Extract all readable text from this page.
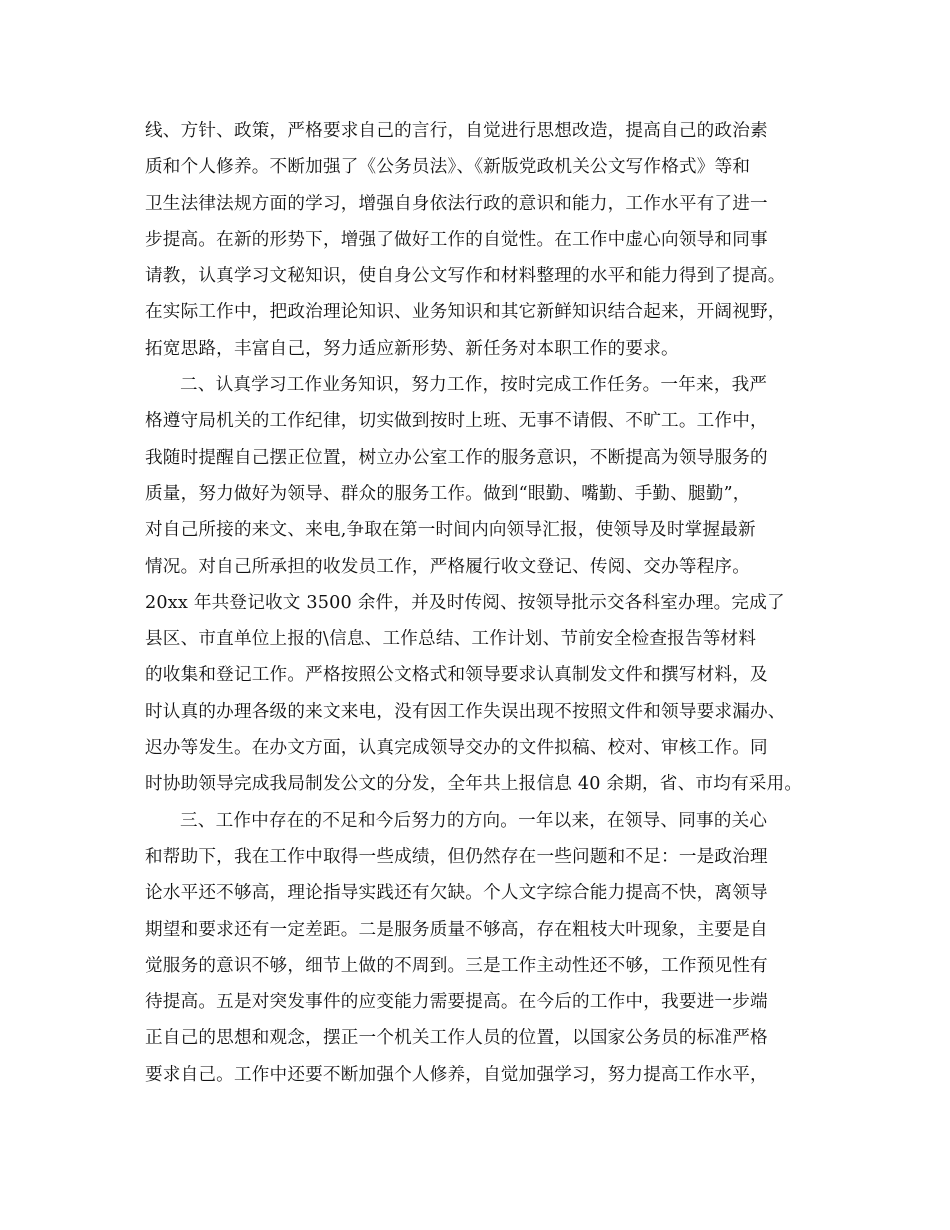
线、方针、政策，严格要求自己的言行，自觉进行思想改造，提高自己的政治素
质和个人修养。不断加强了《公务员法》、《新版党政机关公文写作格式》等和
卫生法律法规方面的学习，增强自身依法行政的意识和能力，工作水平有了进一
步提高。在新的形势下，增强了做好工作的自觉性。在工作中虚心向领导和同事
请教，认真学习文秘知识，使自身公文写作和材料整理的水平和能力得到了提高。
在实际工作中，把政治理论知识、业务知识和其它新鲜知识结合起来，开阔视野，
拓宽思路，丰富自己，努力适应新形势、新任务对本职工作的要求。
二、认真学习工作业务知识，努力工作，按时完成工作任务。一年来，我严
格遵守局机关的工作纪律，切实做到按时上班、无事不请假、不旷工。工作中，
我随时提醒自己摆正位置，树立办公室工作的服务意识，不断提高为领导服务的
质量，努力做好为领导、群众的服务工作。做到“眼勤、嘴勤、手勤、腿勤”，
对自己所接的来文、来电,争取在第一时间内向领导汇报，使领导及时掌握最新
情况。对自己所承担的收发员工作，严格履行收文登记、传阅、交办等程序。
20xx 年共登记收文 3500 余件，并及时传阅、按领导批示交各科室办理。完成了
县区、市直单位上报的\信息、工作总结、工作计划、节前安全检查报告等材料
的收集和登记工作。严格按照公文格式和领导要求认真制发文件和撰写材料，及
时认真的办理各级的来文来电，没有因工作失误出现不按照文件和领导要求漏办、
迟办等发生。在办文方面，认真完成领导交办的文件拟稿、校对、审核工作。同
时协助领导完成我局制发公文的分发，全年共上报信息 40 余期，省、市均有采用。
三、工作中存在的不足和今后努力的方向。一年以来，在领导、同事的关心
和帮助下，我在工作中取得一些成绩，但仍然存在一些问题和不足：一是政治理
论水平还不够高，理论指导实践还有欠缺。个人文字综合能力提高不快，离领导
期望和要求还有一定差距。二是服务质量不够高，存在粗枝大叶现象，主要是自
觉服务的意识不够，细节上做的不周到。三是工作主动性还不够，工作预见性有
待提高。五是对突发事件的应变能力需要提高。在今后的工作中，我要进一步端
正自己的思想和观念，摆正一个机关工作人员的位置，以国家公务员的标准严格
要求自己。工作中还要不断加强个人修养，自觉加强学习，努力提高工作水平，
